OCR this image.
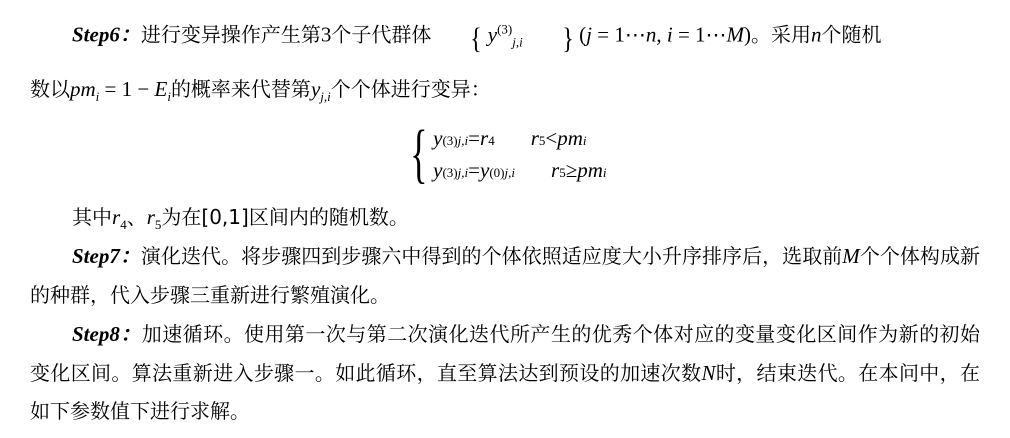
Step6：进行变异操作产生第3个子代群体 { $y^{(3)}_{j,i}$ } (j = 1⋯n, i = 1⋯M)。采用n个随机

数以$pm_i = 1 - E_i$的概率来代替第$y_{j,i}$个个体进行变异：

{ y (3) j,i = r 4 r 5 < pm i
y (3) j,i = y (0) j,i r 5 ≥ pm i

其中$r_4$、$r_5$为在[0,1]区间内的随机数。

Step7：演化迭代。将步骤四到步骤六中得到的个体依照适应度大小升序排序后，选取前M个个体构成新的种群，代入步骤三重新进行繁殖演化。

Step8：加速循环。使用第一次与第二次演化迭代所产生的优秀个体对应的变量变化区间作为新的初始变化区间。算法重新进入步骤一。如此循环，直至算法达到预设的加速次数N时，结束迭代。在本问中，在如下参数值下进行求解。
